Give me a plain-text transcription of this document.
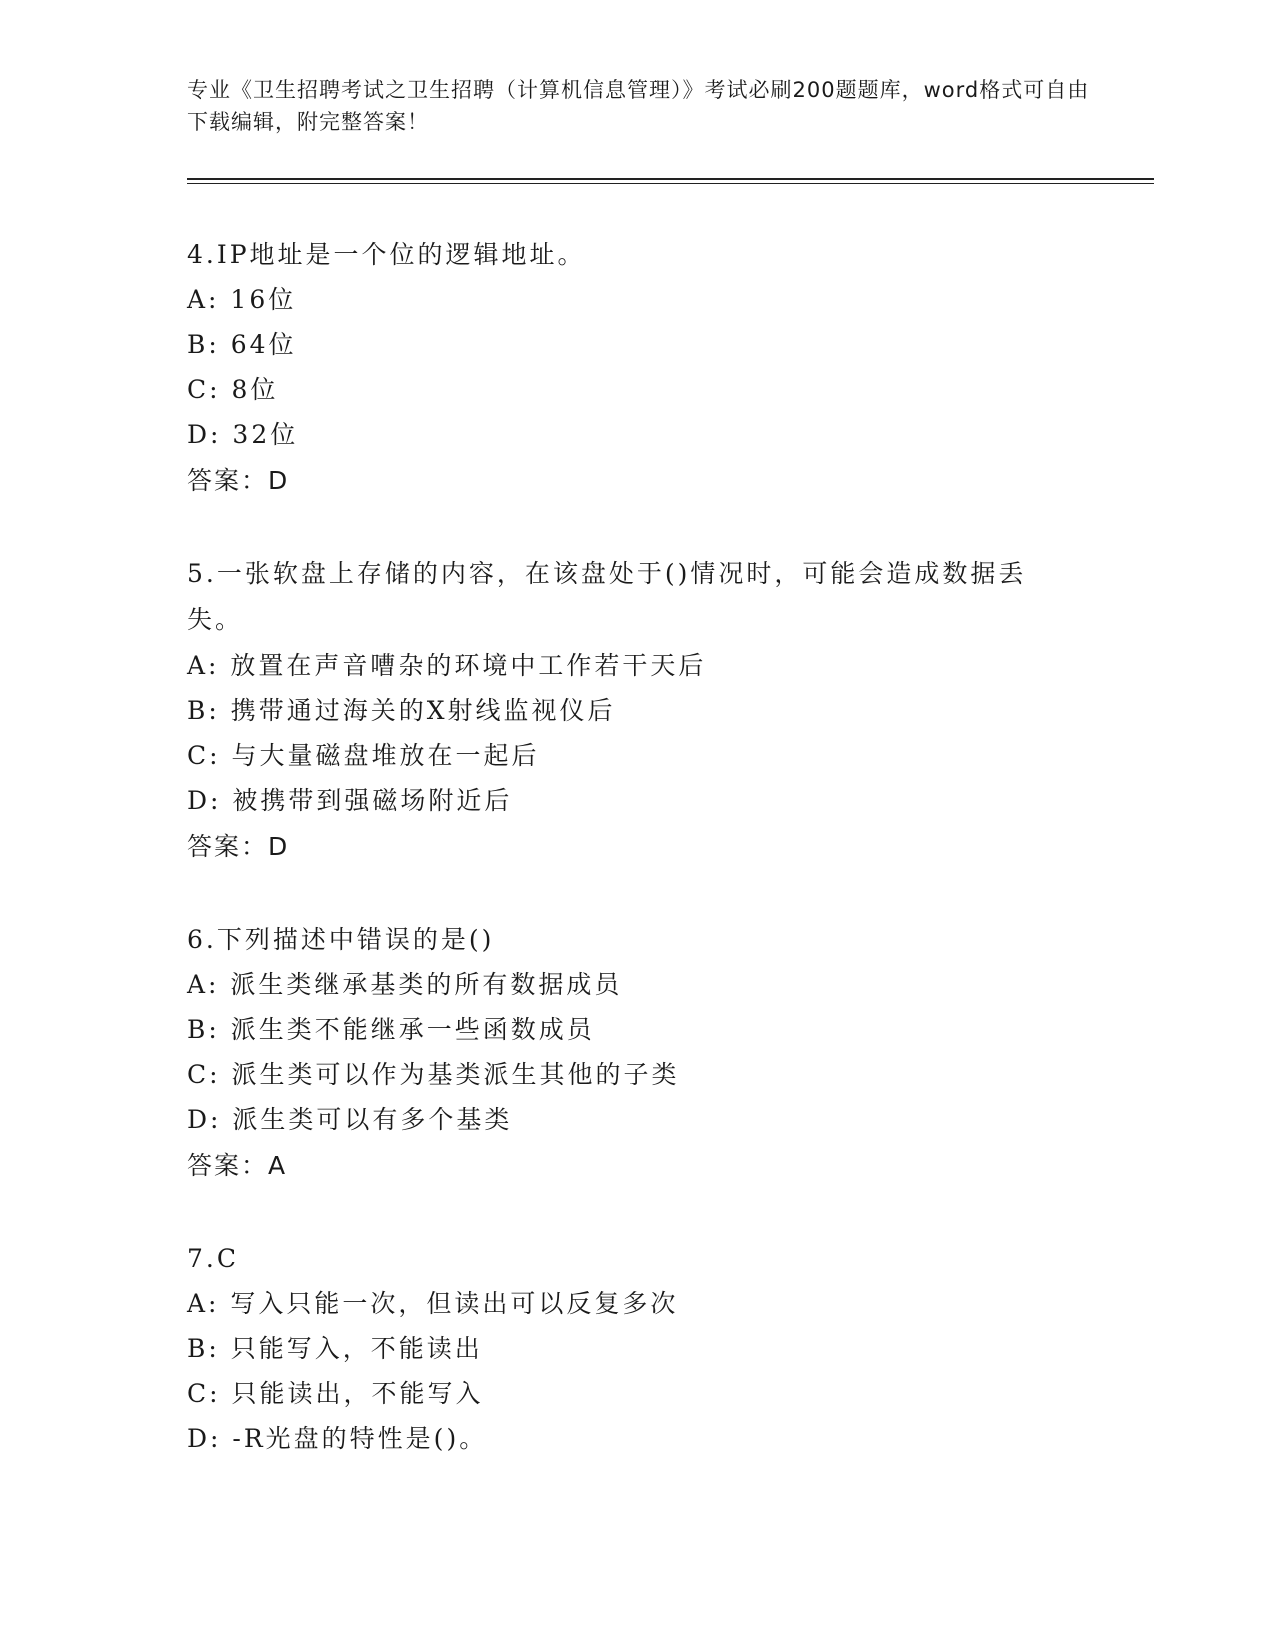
专业《卫生招聘考试之卫生招聘（计算机信息管理）》考试必刷200题题库，word格式可自由下载编辑，附完整答案！
4.IP地址是一个位的逻辑地址。
A: 16位
B: 64位
C: 8位
D: 32位
答案：D
5.一张软盘上存储的内容，在该盘处于()情况时，可能会造成数据丢失。
A: 放置在声音嘈杂的环境中工作若干天后
B: 携带通过海关的X射线监视仪后
C: 与大量磁盘堆放在一起后
D: 被携带到强磁场附近后
答案：D
6.下列描述中错误的是()
A: 派生类继承基类的所有数据成员
B: 派生类不能继承一些函数成员
C: 派生类可以作为基类派生其他的子类
D: 派生类可以有多个基类
答案：A
7.C
A: 写入只能一次，但读出可以反复多次
B: 只能写入，不能读出
C: 只能读出，不能写入
D: -R光盘的特性是()。
